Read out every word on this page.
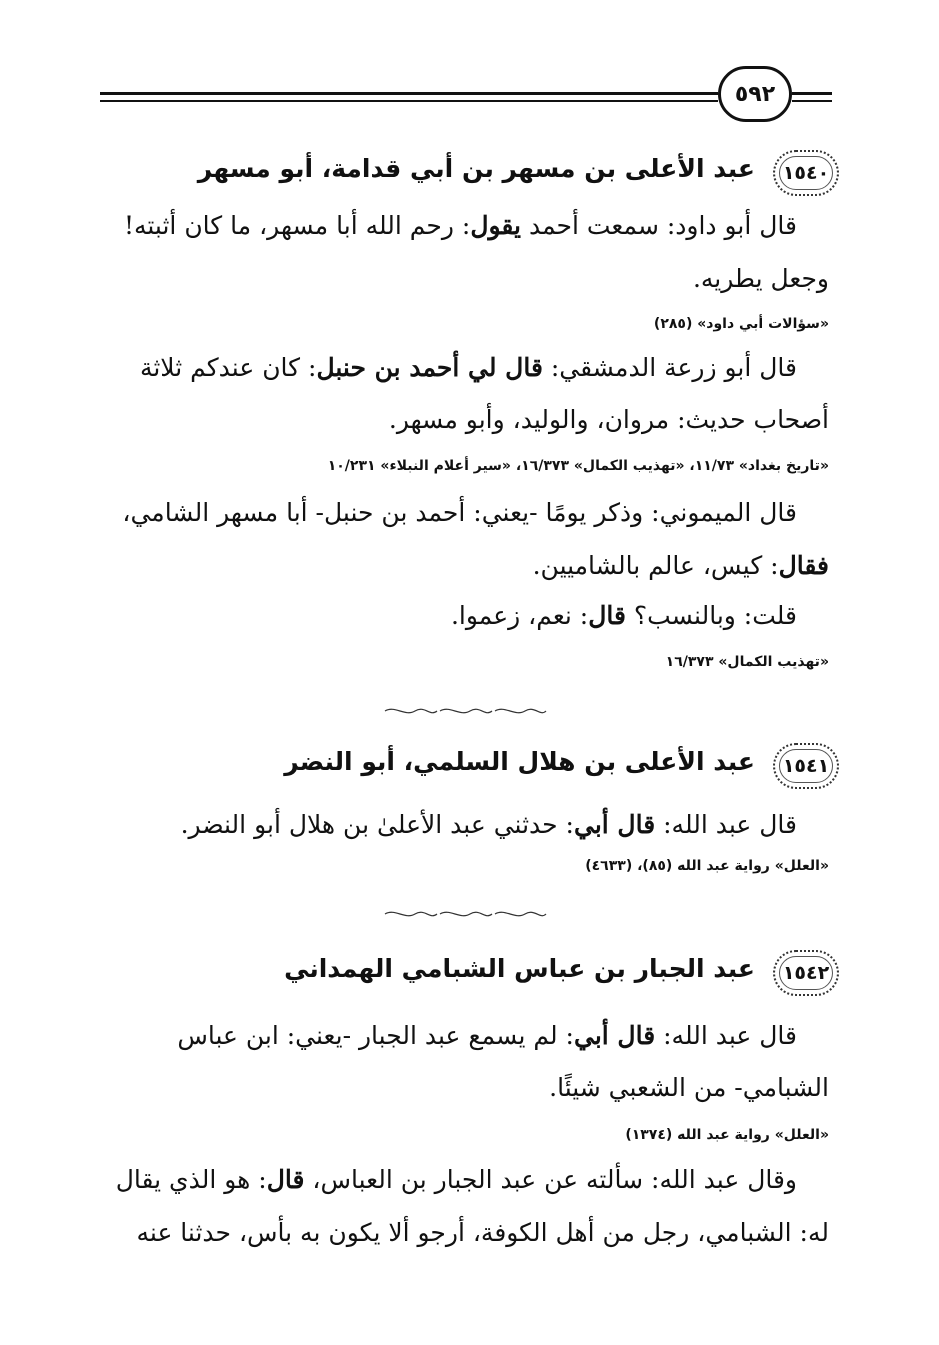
٥٩٢
١٥٤٠
عبد الأعلى بن مسهر بن أبي قدامة، أبو مسهر
قال أبو داود: سمعت أحمد يقول: رحم الله أبا مسهر، ما كان أثبته!
وجعل يطريه.
«سؤالات أبي داود» (٢٨٥)
قال أبو زرعة الدمشقي: قال لي أحمد بن حنبل: كان عندكم ثلاثة
أصحاب حديث: مروان، والوليد، وأبو مسهر.
«تاريخ بغداد» ١١/٧٣، «تهذيب الكمال» ١٦/٣٧٣، «سير أعلام النبلاء» ١٠/٢٣١
قال الميموني: وذكر يومًا -يعني: أحمد بن حنبل- أبا مسهر الشامي،
فقال: كيس، عالم بالشاميين.
قلت: وبالنسب؟ قال: نعم، زعموا.
«تهذيب الكمال» ١٦/٣٧٣
١٥٤١
عبد الأعلى بن هلال السلمي، أبو النضر
قال عبد الله: قال أبي: حدثني عبد الأعلىٰ بن هلال أبو النضر.
«العلل» رواية عبد الله (٨٥)، (٤٦٣٣)
١٥٤٢
عبد الجبار بن عباس الشبامي الهمداني
قال عبد الله: قال أبي: لم يسمع عبد الجبار -يعني: ابن عباس
الشبامي- من الشعبي شيئًا.
«العلل» رواية عبد الله (١٣٧٤)
وقال عبد الله: سألته عن عبد الجبار بن العباس، قال: هو الذي يقال
له: الشبامي، رجل من أهل الكوفة، أرجو ألا يكون به بأس، حدثنا عنه
